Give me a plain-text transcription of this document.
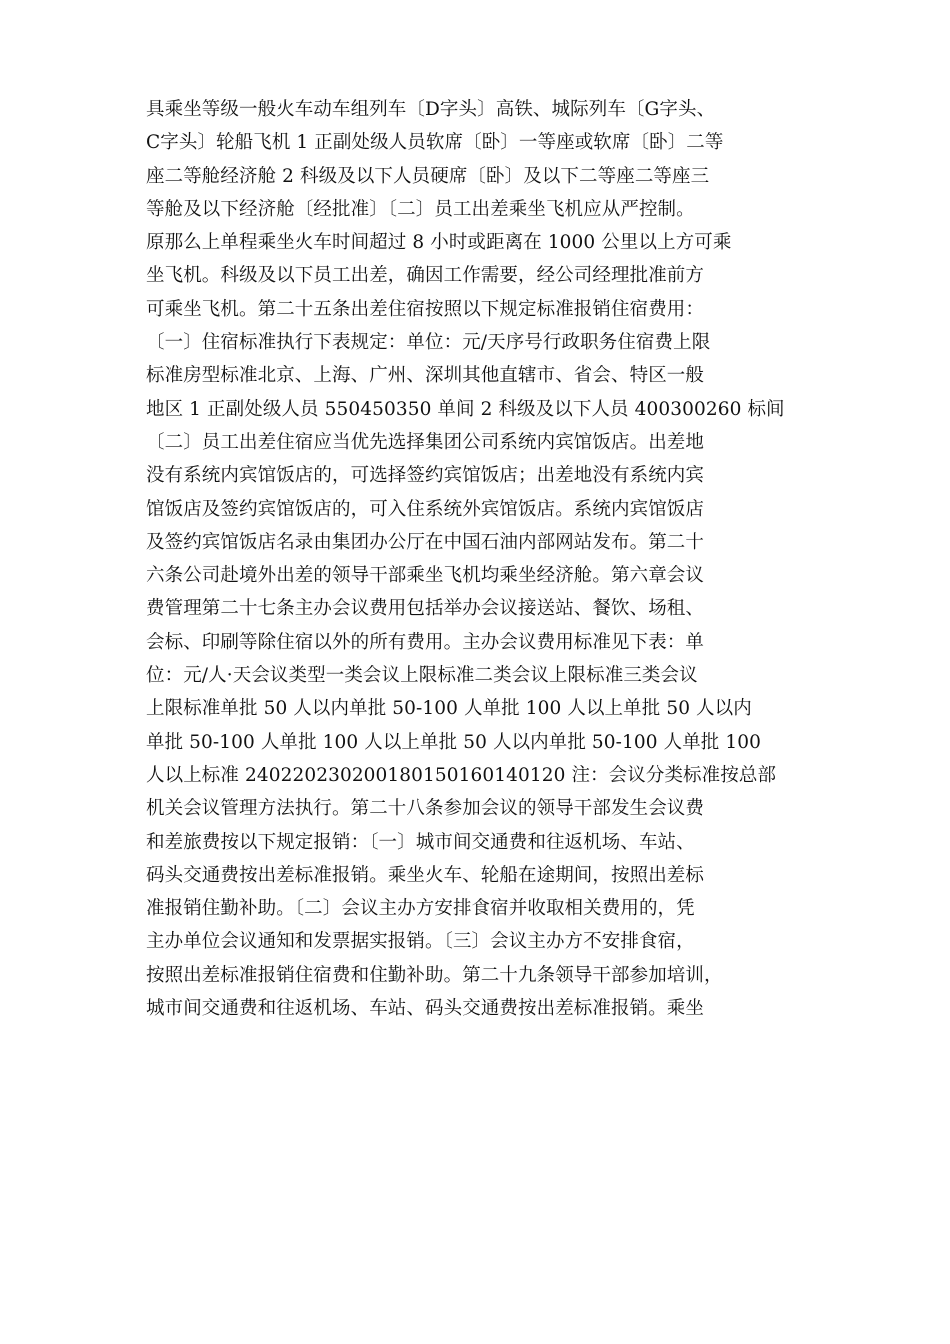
具乘坐等级一般火车动车组列车〔D字头〕高铁、城际列车〔G字头、
C字头〕轮船飞机 1 正副处级人员软席〔卧〕一等座或软席〔卧〕二等
座二等舱经济舱 2 科级及以下人员硬席〔卧〕及以下二等座二等座三
等舱及以下经济舱〔经批准〕〔二〕员工出差乘坐飞机应从严控制。
原那么上单程乘坐火车时间超过 8 小时或距离在 1000 公里以上方可乘
坐飞机。科级及以下员工出差，确因工作需要，经公司经理批准前方
可乘坐飞机。第二十五条出差住宿按照以下规定标准报销住宿费用：
〔一〕住宿标准执行下表规定：单位：元/天序号行政职务住宿费上限
标准房型标准北京、上海、广州、深圳其他直辖市、省会、特区一般
地区 1 正副处级人员 550450350 单间 2 科级及以下人员 400300260 标间
〔二〕员工出差住宿应当优先选择集团公司系统内宾馆饭店。出差地
没有系统内宾馆饭店的，可选择签约宾馆饭店；出差地没有系统内宾
馆饭店及签约宾馆饭店的，可入住系统外宾馆饭店。系统内宾馆饭店
及签约宾馆饭店名录由集团办公厅在中国石油内部网站发布。第二十
六条公司赴境外出差的领导干部乘坐飞机均乘坐经济舱。第六章会议
费管理第二十七条主办会议费用包括举办会议接送站、餐饮、场租、
会标、印刷等除住宿以外的所有费用。主办会议费用标准见下表：单
位：元/人·天会议类型一类会议上限标准二类会议上限标准三类会议
上限标准单批 50 人以内单批 50-100 人单批 100 人以上单批 50 人以内
单批 50-100 人单批 100 人以上单批 50 人以内单批 50-100 人单批 100
人以上标准 240220230200180150160140120 注：会议分类标准按总部
机关会议管理方法执行。第二十八条参加会议的领导干部发生会议费
和差旅费按以下规定报销：〔一〕城市间交通费和往返机场、车站、
码头交通费按出差标准报销。乘坐火车、轮船在途期间，按照出差标
准报销住勤补助。〔二〕会议主办方安排食宿并收取相关费用的，凭
主办单位会议通知和发票据实报销。〔三〕会议主办方不安排食宿，
按照出差标准报销住宿费和住勤补助。第二十九条领导干部参加培训，
城市间交通费和往返机场、车站、码头交通费按出差标准报销。乘坐
